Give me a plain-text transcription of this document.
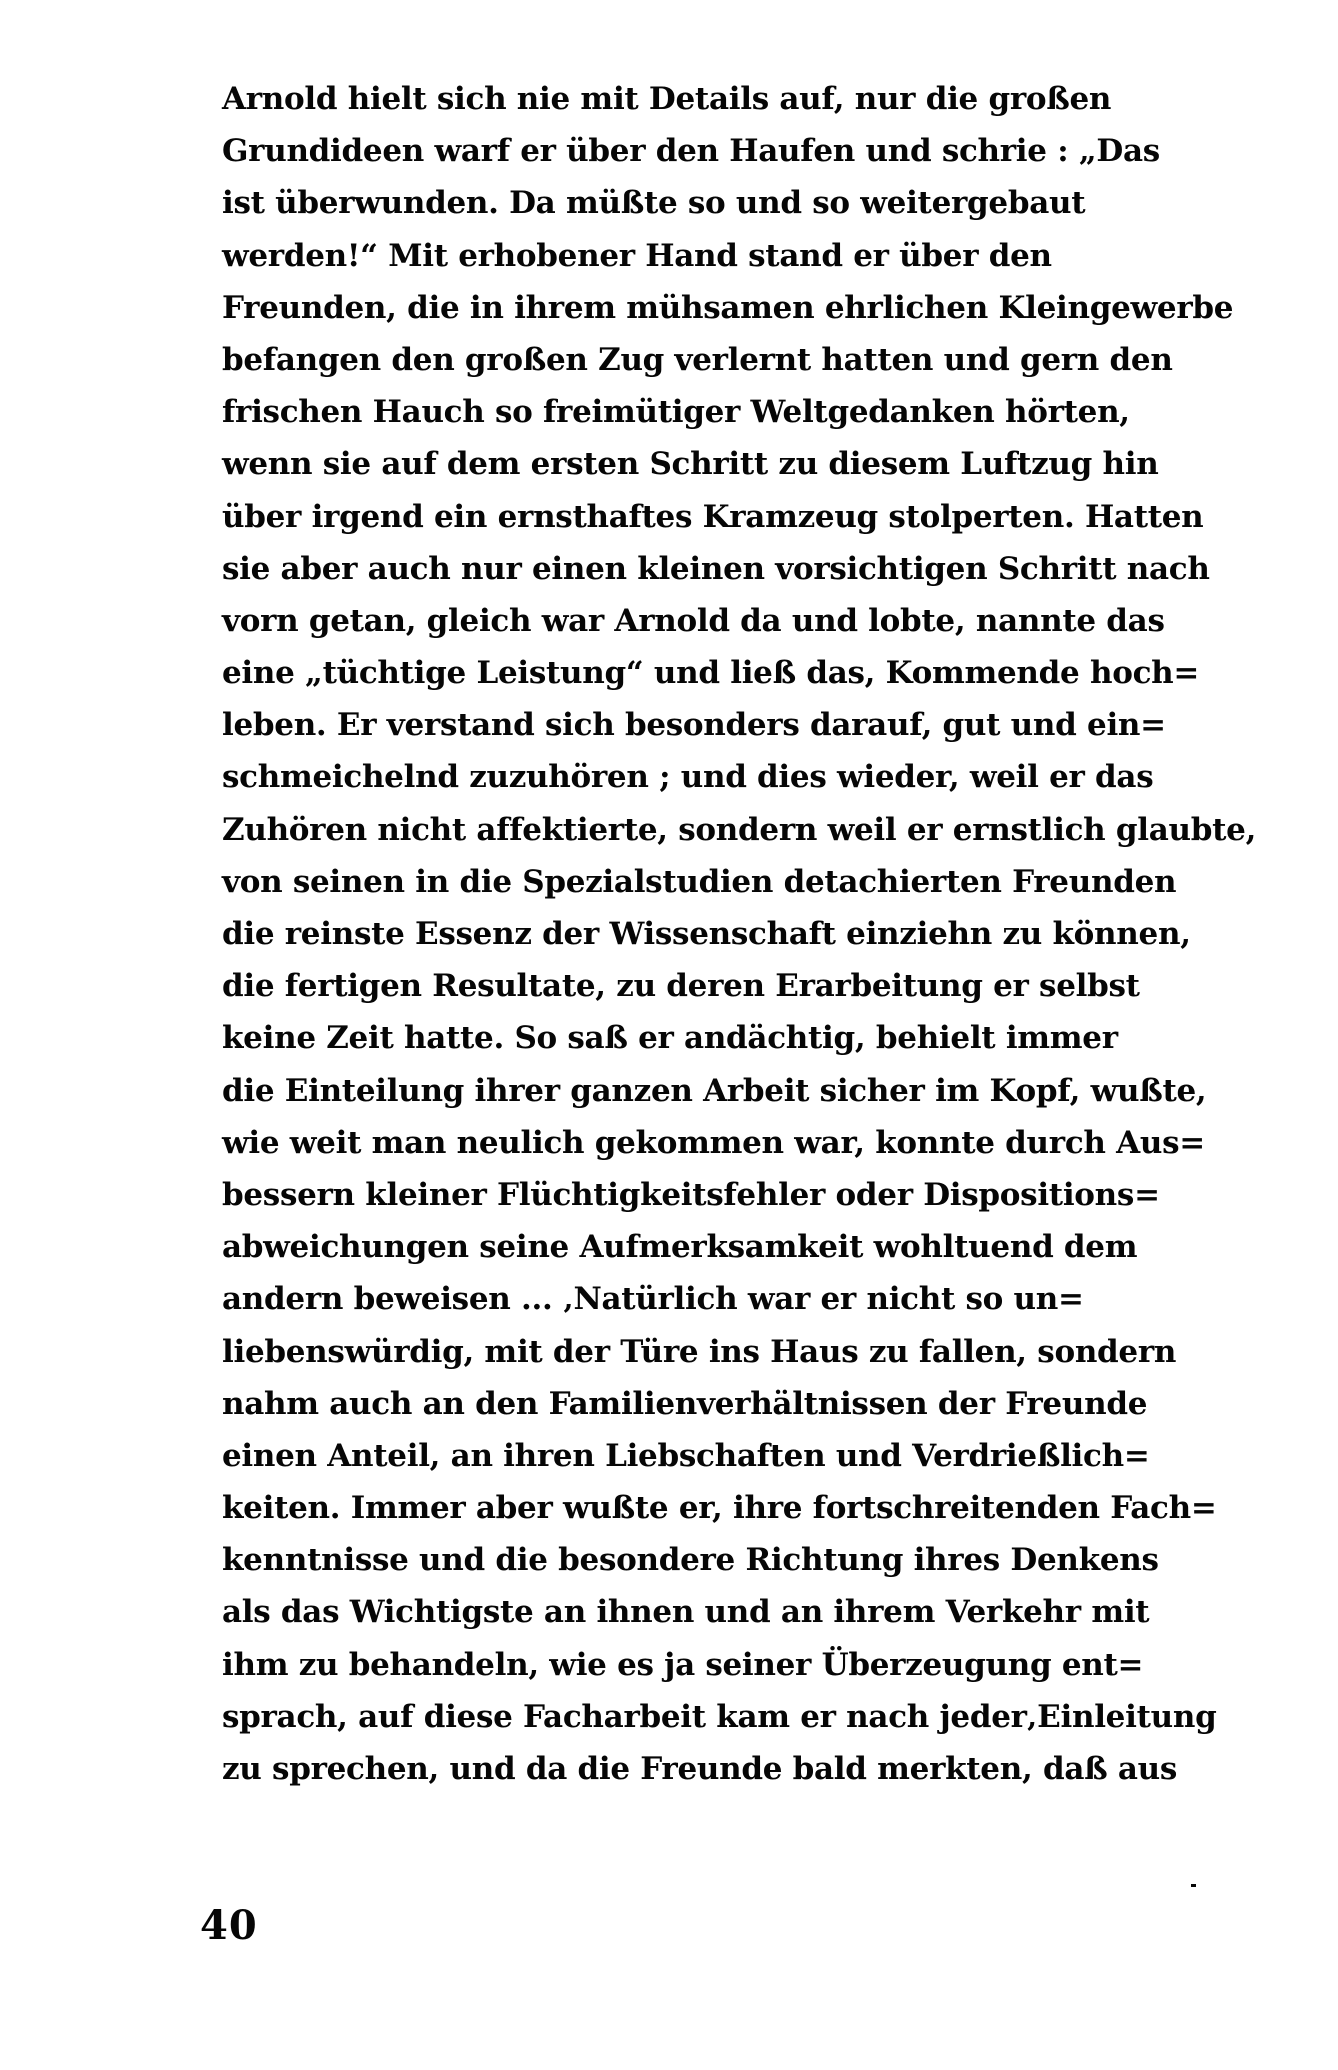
Arnold hielt sich nie mit Details auf, nur die großen
Grundideen warf er über den Haufen und schrie : „Das
ist überwunden. Da müßte so und so weitergebaut
werden!“ Mit erhobener Hand stand er über den
Freunden, die in ihrem mühsamen ehrlichen Kleingewerbe
befangen den großen Zug verlernt hatten und gern den
frischen Hauch so freimütiger Weltgedanken hörten,
wenn sie auf dem ersten Schritt zu diesem Luftzug hin
über irgend ein ernsthaftes Kramzeug stolperten. Hatten
sie aber auch nur einen kleinen vorsichtigen Schritt nach
vorn getan, gleich war Arnold da und lobte, nannte das
eine „tüchtige Leistung“ und ließ das, Kommende hoch=
leben. Er verstand sich besonders darauf, gut und ein=
schmeichelnd zuzuhören ; und dies wieder, weil er das
Zuhören nicht affektierte, sondern weil er ernstlich glaubte,
von seinen in die Spezialstudien detachierten Freunden
die reinste Essenz der Wissenschaft einziehn zu können,
die fertigen Resultate, zu deren Erarbeitung er selbst
keine Zeit hatte. So saß er andächtig, behielt immer
die Einteilung ihrer ganzen Arbeit sicher im Kopf, wußte,
wie weit man neulich gekommen war, konnte durch Aus=
bessern kleiner Flüchtigkeitsfehler oder Dispositions=
abweichungen seine Aufmerksamkeit wohltuend dem
andern beweisen ... ‚Natürlich war er nicht so un=
liebenswürdig, mit der Türe ins Haus zu fallen, sondern
nahm auch an den Familienverhältnissen der Freunde
einen Anteil, an ihren Liebschaften und Verdrießlich=
keiten. Immer aber wußte er, ihre fortschreitenden Fach=
kenntnisse und die besondere Richtung ihres Denkens
als das Wichtigste an ihnen und an ihrem Verkehr mit
ihm zu behandeln, wie es ja seiner Überzeugung ent=
sprach, auf diese Facharbeit kam er nach jeder‚Einleitung
zu sprechen, und da die Freunde bald merkten, daß aus
40
